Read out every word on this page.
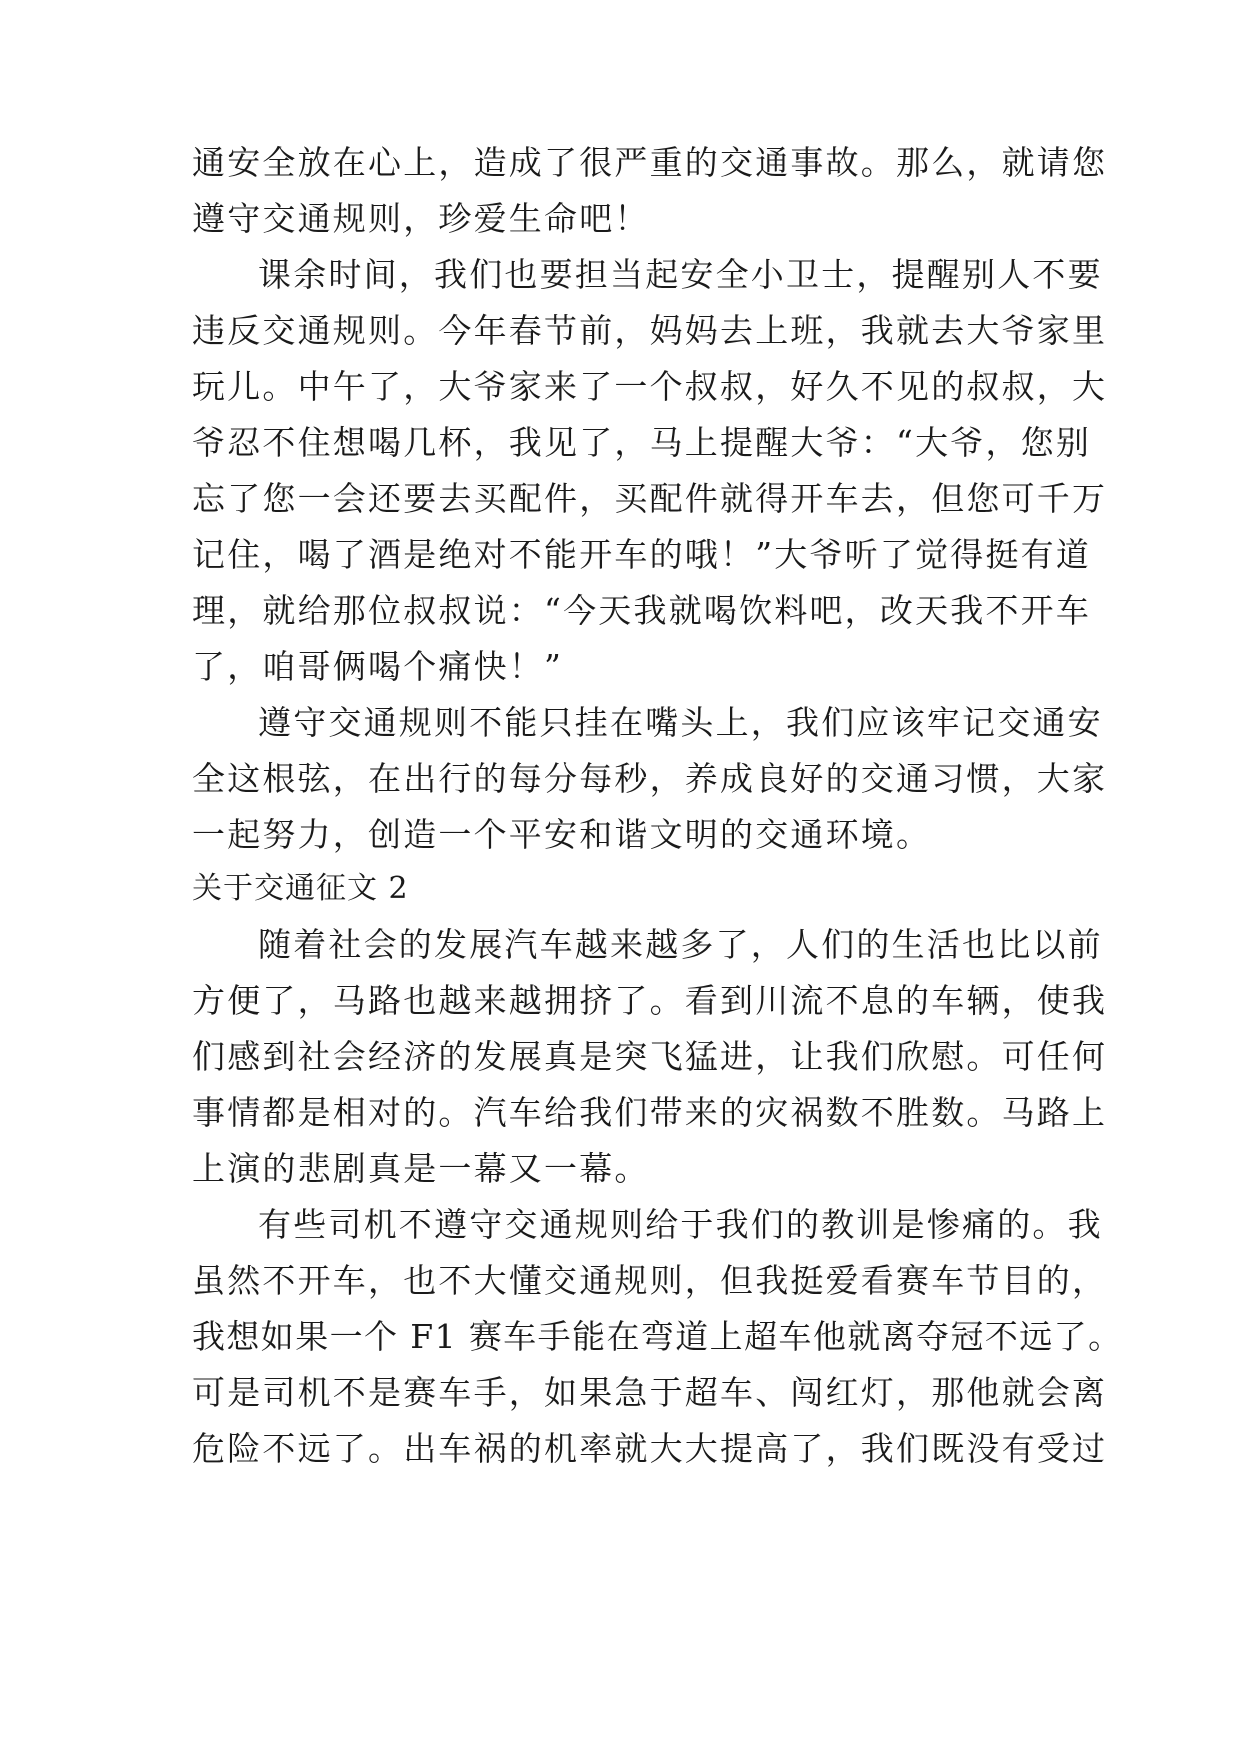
通安全放在心上，造成了很严重的交通事故。那么，就请您
遵守交通规则，珍爱生命吧！
课余时间，我们也要担当起安全小卫士，提醒别人不要
违反交通规则。今年春节前，妈妈去上班，我就去大爷家里
玩儿。中午了，大爷家来了一个叔叔，好久不见的叔叔，大
爷忍不住想喝几杯，我见了，马上提醒大爷：“大爷，您别
忘了您一会还要去买配件，买配件就得开车去，但您可千万
记住，喝了酒是绝对不能开车的哦！”大爷听了觉得挺有道
理，就给那位叔叔说：“今天我就喝饮料吧，改天我不开车
了，咱哥俩喝个痛快！”
遵守交通规则不能只挂在嘴头上，我们应该牢记交通安
全这根弦，在出行的每分每秒，养成良好的交通习惯，大家
一起努力，创造一个平安和谐文明的交通环境。
关于交通征文 2
随着社会的发展汽车越来越多了，人们的生活也比以前
方便了，马路也越来越拥挤了。看到川流不息的车辆，使我
们感到社会经济的发展真是突飞猛进，让我们欣慰。可任何
事情都是相对的。汽车给我们带来的灾祸数不胜数。马路上
上演的悲剧真是一幕又一幕。
有些司机不遵守交通规则给于我们的教训是惨痛的。我
虽然不开车，也不大懂交通规则，但我挺爱看赛车节目的，
我想如果一个 F1 赛车手能在弯道上超车他就离夺冠不远了。
可是司机不是赛车手，如果急于超车、闯红灯，那他就会离
危险不远了。出车祸的机率就大大提高了，我们既没有受过
